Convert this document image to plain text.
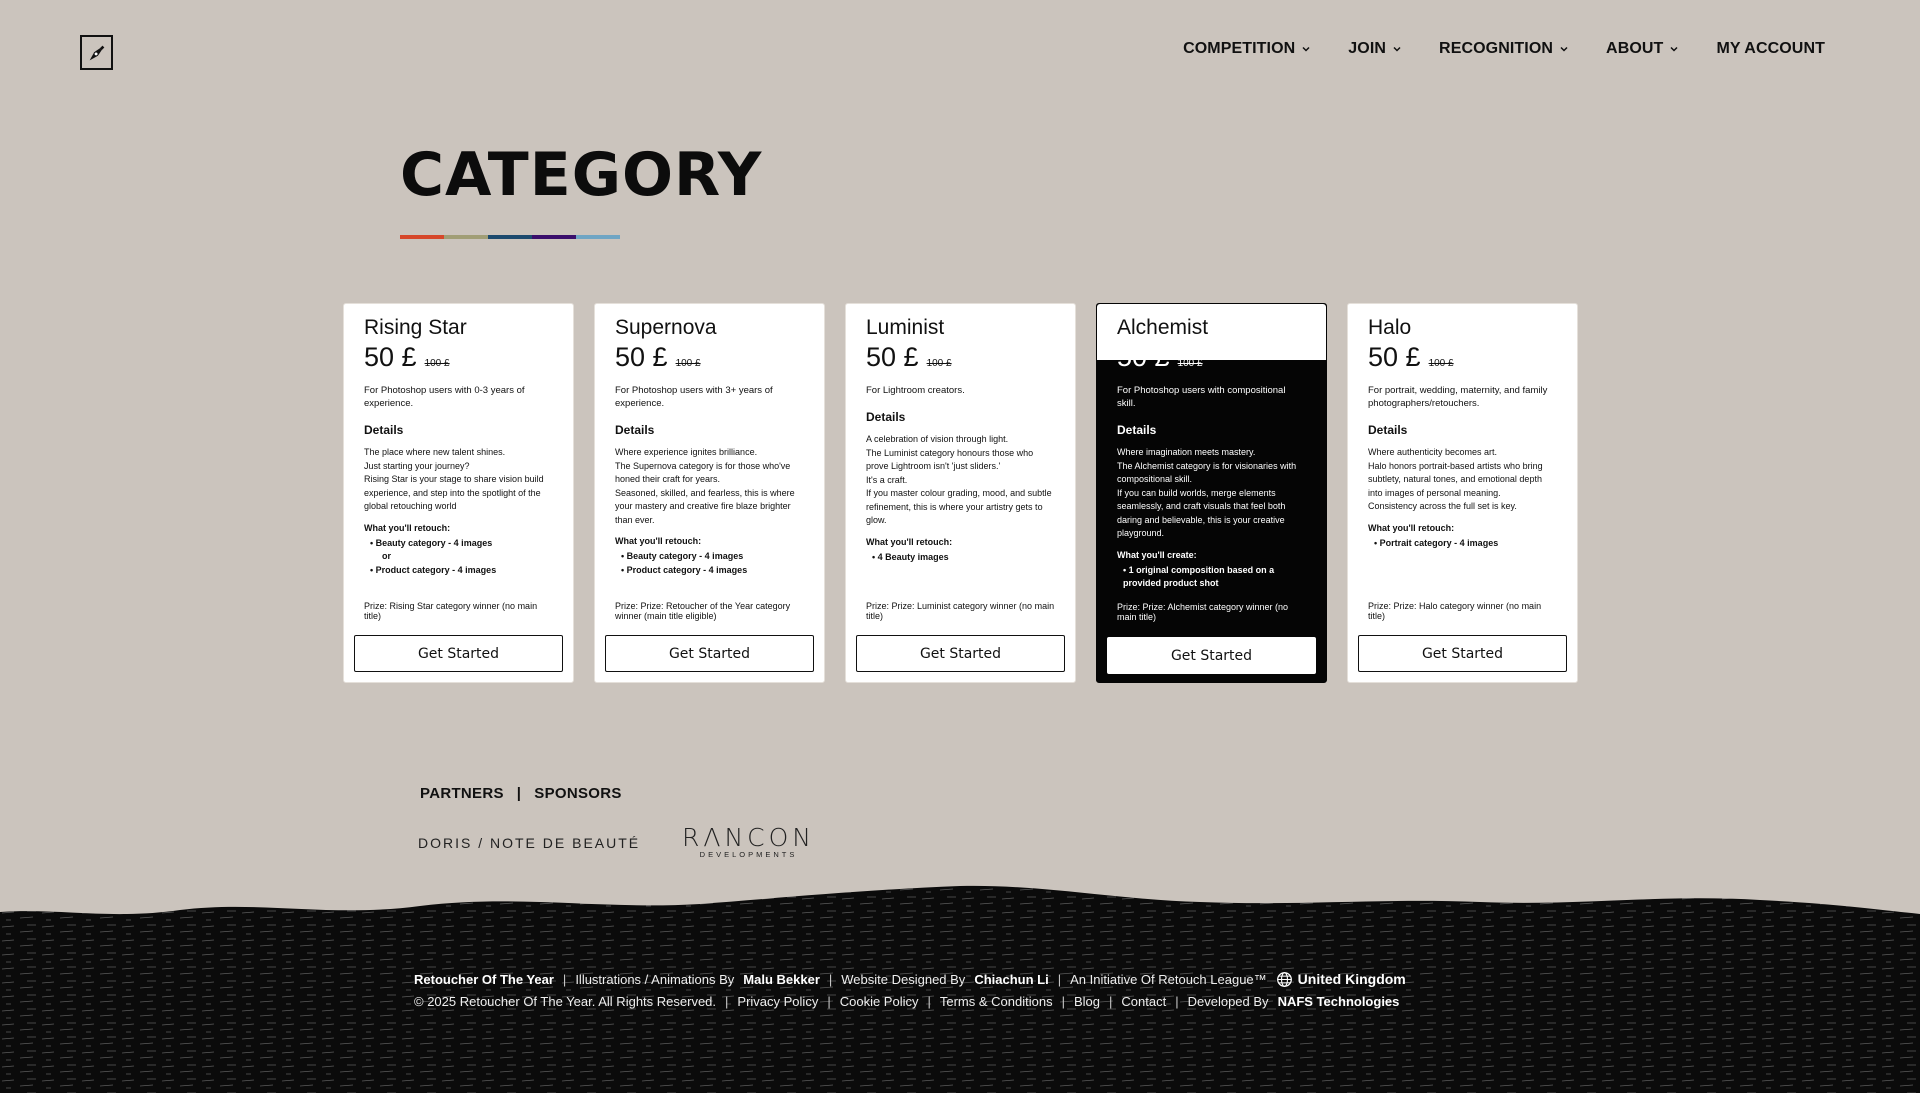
COMPETITION	JOIN	RECOGNITION	ABOUT	MY ACCOUNT
CATEGORY
Rising Star
50 £ 100 £
For Photoshop users with 0-3 years of experience.
Details
The place where new talent shines.
Just starting your journey?
Rising Star is your stage to share vision build experience, and step into the spotlight of the global retouching world
What you'll retouch:
• Beauty category - 4 images
or
• Product category - 4 images
Prize: Rising Star category winner (no main title)
Get Started
Supernova
50 £ 100 £
For Photoshop users with 3+ years of experience.
Details
Where experience ignites brilliance.
The Supernova category is for those who've honed their craft for years.
Seasoned, skilled, and fearless, this is where your mastery and creative fire blaze brighter than ever.
What you'll retouch:
• Beauty category - 4 images
• Product category - 4 images
Prize: Prize: Retoucher of the Year category winner (main title eligible)
Get Started
Luminist
50 £ 100 £
For Lightroom creators.
Details
A celebration of vision through light.
The Luminist category honours those who prove Lightroom isn't 'just sliders.'
It's a craft.
If you master colour grading, mood, and subtle refinement, this is where your artistry gets to glow.
What you'll retouch:
• 4 Beauty images
Prize: Prize: Luminist category winner (no main title)
Get Started
Alchemist
50 £ 100 £
For Photoshop users with compositional skill.
Details
Where imagination meets mastery.
The Alchemist category is for visionaries with compositional skill.
If you can build worlds, merge elements seamlessly, and craft visuals that feel both daring and believable, this is your creative playground.
What you'll create:
• 1 original composition based on a provided product shot
Prize: Prize: Alchemist category winner (no main title)
Get Started
Halo
50 £ 100 £
For portrait, wedding, maternity, and family photographers/retouchers.
Details
Where authenticity becomes art.
Halo honors portrait-based artists who bring subtlety, natural tones, and emotional depth into images of personal meaning.
Consistency across the full set is key.
What you'll retouch:
• Portrait category - 4 images
Prize: Prize: Halo category winner (no main title)
Get Started
PARTNERS | SPONSORS
DORIS / NOTE DE BEAUTÉ RΛNCON
DEVELOPMENTS
Retoucher Of The Year | Illustrations / Animations By Malu Bekker | Website Designed By Chiachun Li | An Initiative Of Retouch League™ United Kingdom
© 2025 Retoucher Of The Year. All Rights Reserved. | Privacy Policy | Cookie Policy | Terms & Conditions | Blog | Contact | Developed By NAFS Technologies
